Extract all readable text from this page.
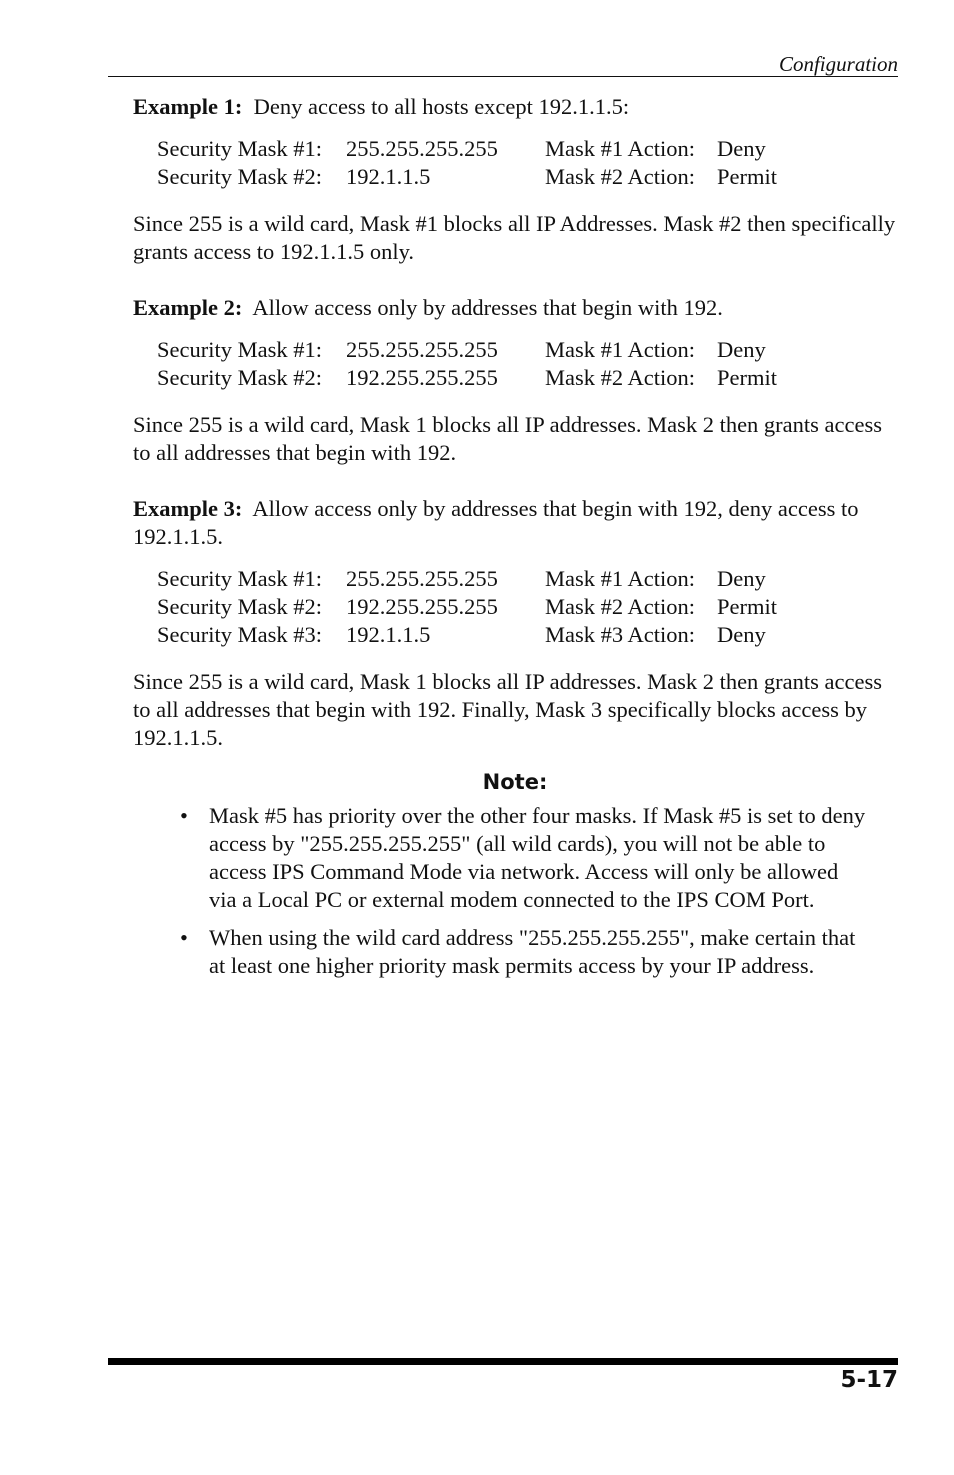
Configuration

Example 1: Deny access to all hosts except 192.1.1.5:

Security Mask #1:	255.255.255.255	Mask #1 Action:	Deny
Security Mask #2:	192.1.1.5	Mask #2 Action:	Permit

Since 255 is a wild card, Mask #1 blocks all IP Addresses. Mask #2 then specifically grants access to 192.1.1.5 only.

Example 2: Allow access only by addresses that begin with 192.

Security Mask #1:	255.255.255.255	Mask #1 Action:	Deny
Security Mask #2:	192.255.255.255	Mask #2 Action:	Permit

Since 255 is a wild card, Mask 1 blocks all IP addresses. Mask 2 then grants access to all addresses that begin with 192.

Example 3: Allow access only by addresses that begin with 192, deny access to 192.1.1.5.

Security Mask #1:	255.255.255.255	Mask #1 Action:	Deny
Security Mask #2:	192.255.255.255	Mask #2 Action:	Permit
Security Mask #3:	192.1.1.5	Mask #3 Action:	Deny

Since 255 is a wild card, Mask 1 blocks all IP addresses. Mask 2 then grants access to all addresses that begin with 192. Finally, Mask 3 specifically blocks access by 192.1.1.5.

Note:
• Mask #5 has priority over the other four masks. If Mask #5 is set to deny access by "255.255.255.255" (all wild cards), you will not be able to access IPS Command Mode via network. Access will only be allowed via a Local PC or external modem connected to the IPS COM Port.
• When using the wild card address "255.255.255.255", make certain that at least one higher priority mask permits access by your IP address.
5-17
